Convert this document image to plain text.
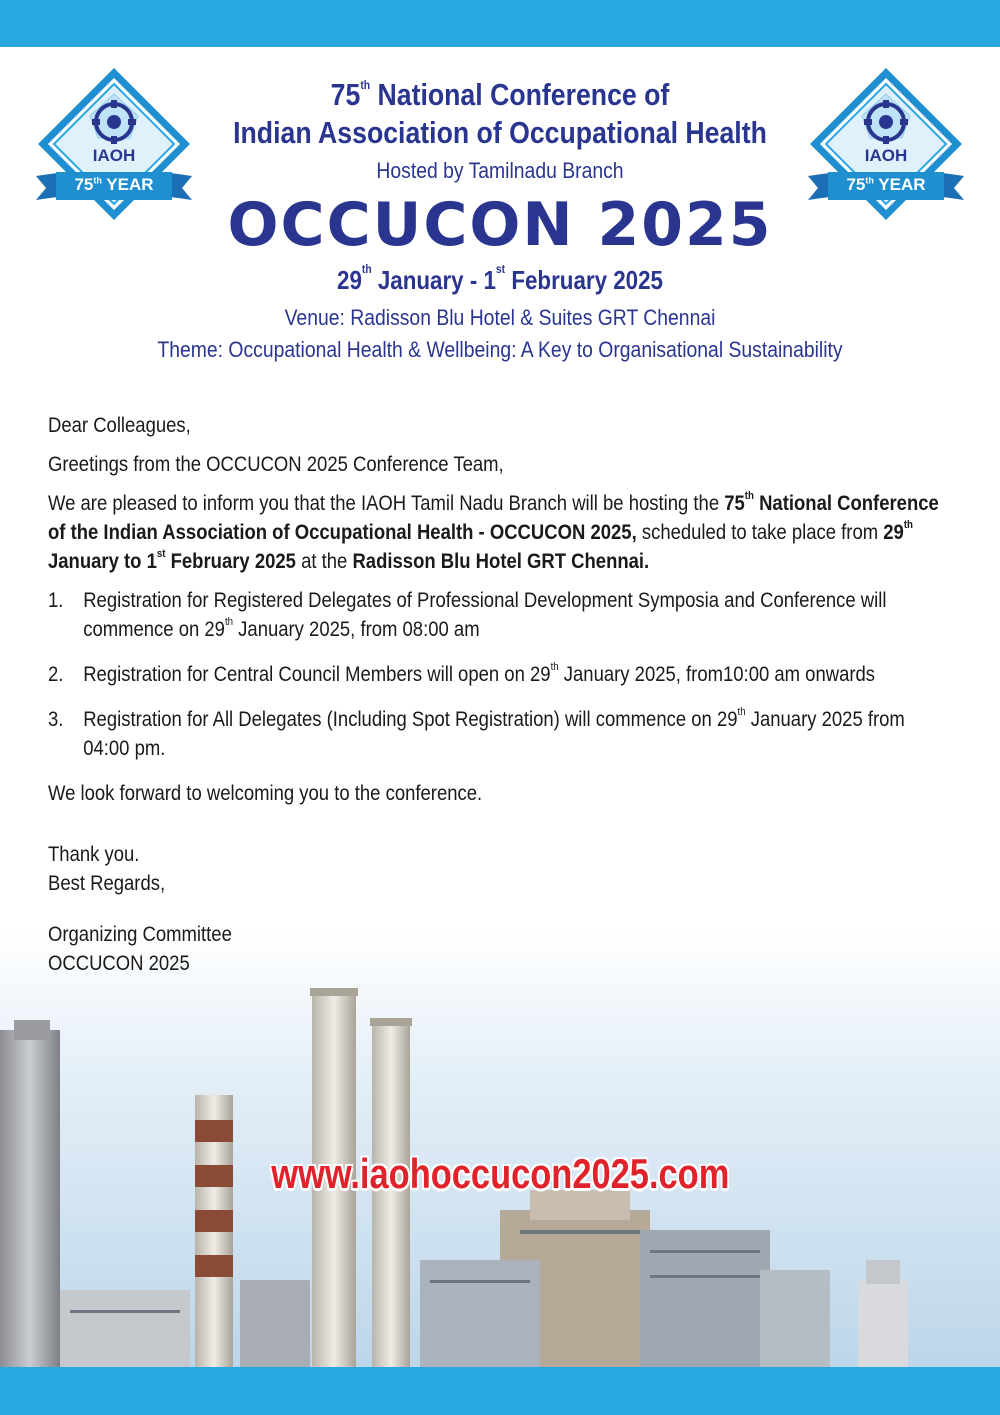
IAOH
75th YEAR
IAOH
75th YEAR
75th National Conference of
Indian Association of Occupational Health
Hosted by Tamilnadu Branch
OCCUCON 2025
29th January - 1st February 2025
Venue: Radisson Blu Hotel & Suites GRT Chennai
Theme: Occupational Health & Wellbeing: A Key to Organisational Sustainability

Dear Colleagues,

Greetings from the OCCUCON 2025 Conference Team,

We are pleased to inform you that the IAOH Tamil Nadu Branch will be hosting the 75th National Conference of the Indian Association of Occupational Health - OCCUCON 2025, scheduled to take place from 29th January to 1st February 2025 at the Radisson Blu Hotel GRT Chennai.

1. Registration for Registered Delegates of Professional Development Symposia and Conference will commence on 29th January 2025, from 08:00 am
2. Registration for Central Council Members will open on 29th January 2025, from10:00 am onwards
3. Registration for All Delegates (Including Spot Registration) will commence on 29th January 2025 from 04:00 pm.

We look forward to welcoming you to the conference.

Thank you.
Best Regards,
Organizing Committee
OCCUCON 2025
www.iaohoccucon2025.com
